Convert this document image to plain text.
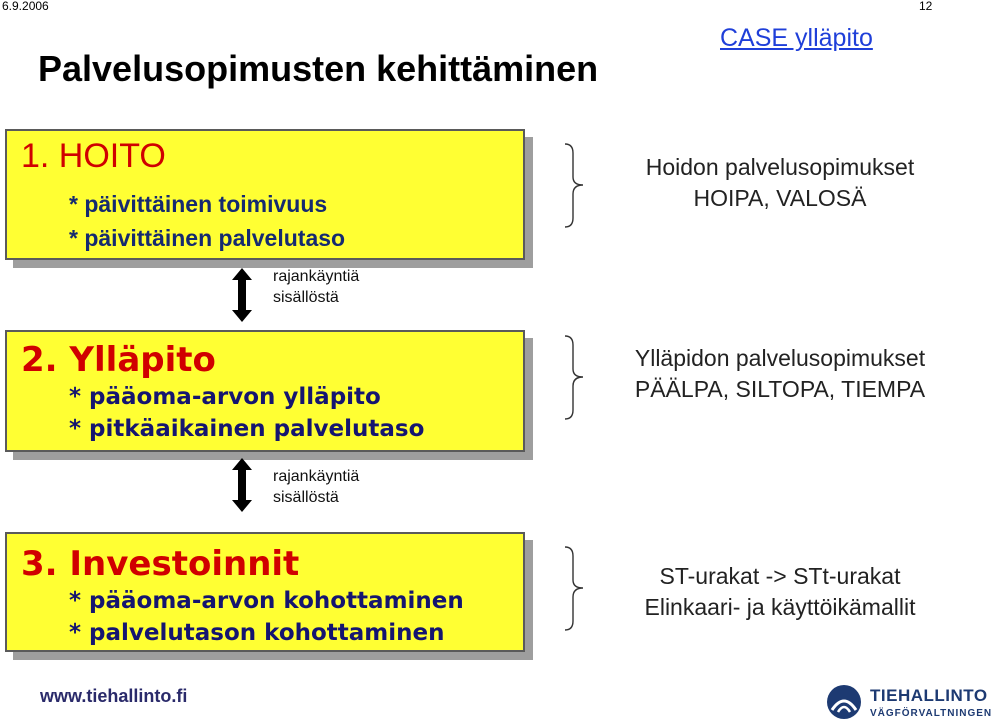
6.9.2006	12
CASE ylläpito
Palvelusopimusten kehittäminen
1. HOITO
* päivittäinen toimivuus
* päivittäinen palvelutaso
rajankäyntiä
sisällöstä
2. Ylläpito
* pääoma-arvon ylläpito
* pitkäaikainen palvelutaso
rajankäyntiä
sisällöstä
3. Investoinnit
* pääoma-arvon kohottaminen
* palvelutason kohottaminen
Hoidon palvelusopimukset
HOIPA, VALOSÄ
Ylläpidon palvelusopimukset
PÄÄLPA, SILTOPA, TIEMPA
ST-urakat -> STt-urakat
Elinkaari- ja käyttöikämallit
www.tiehallinto.fi	TIEHALLINTO
VÄGFÖRVALTNINGEN
